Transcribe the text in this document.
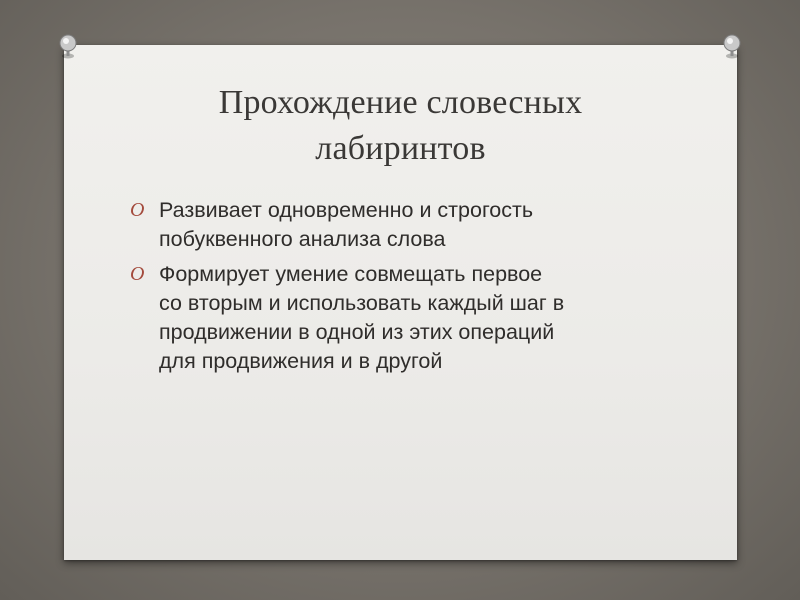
Прохождение словесных
лабиринтов
O Развивает одновременно и строгость
побуквенного анализа слова
O Формирует умение совмещать первое
со вторым и использовать каждый шаг в
продвижении в одной из этих операций
для продвижения и в другой
